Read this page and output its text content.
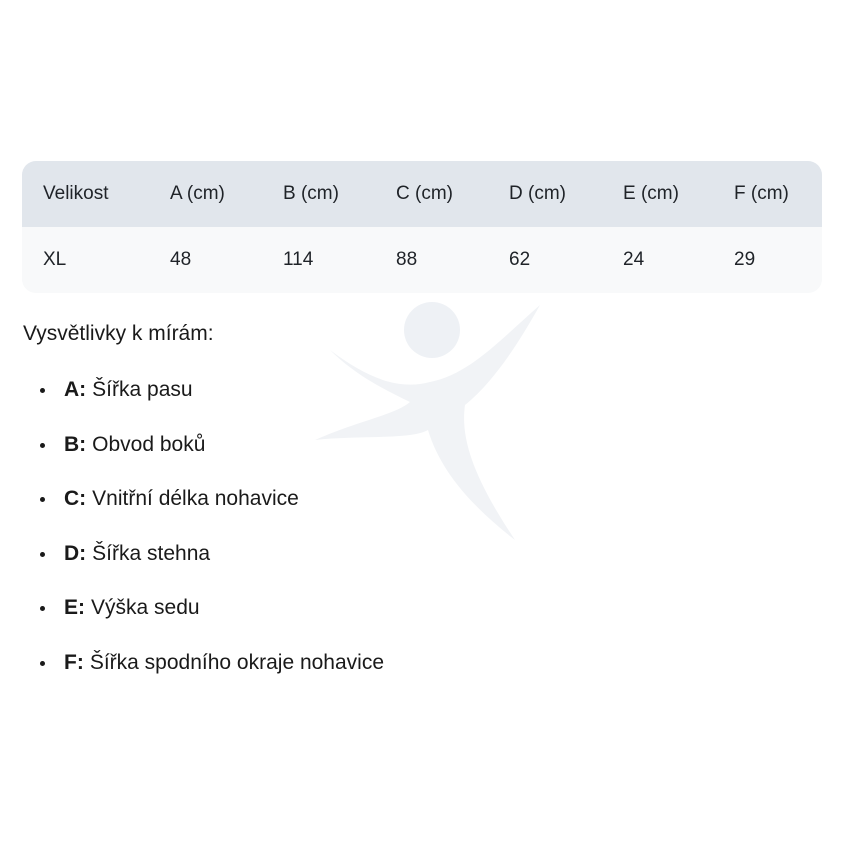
Velikost	A (cm)	B (cm)	C (cm)	D (cm)	E (cm)	F (cm)
XL	48	114	88	62	24	29
Vysvětlivky k mírám:
A: Šířka pasu
B: Obvod boků
C: Vnitřní délka nohavice
D: Šířka stehna
E: Výška sedu
F: Šířka spodního okraje nohavice
